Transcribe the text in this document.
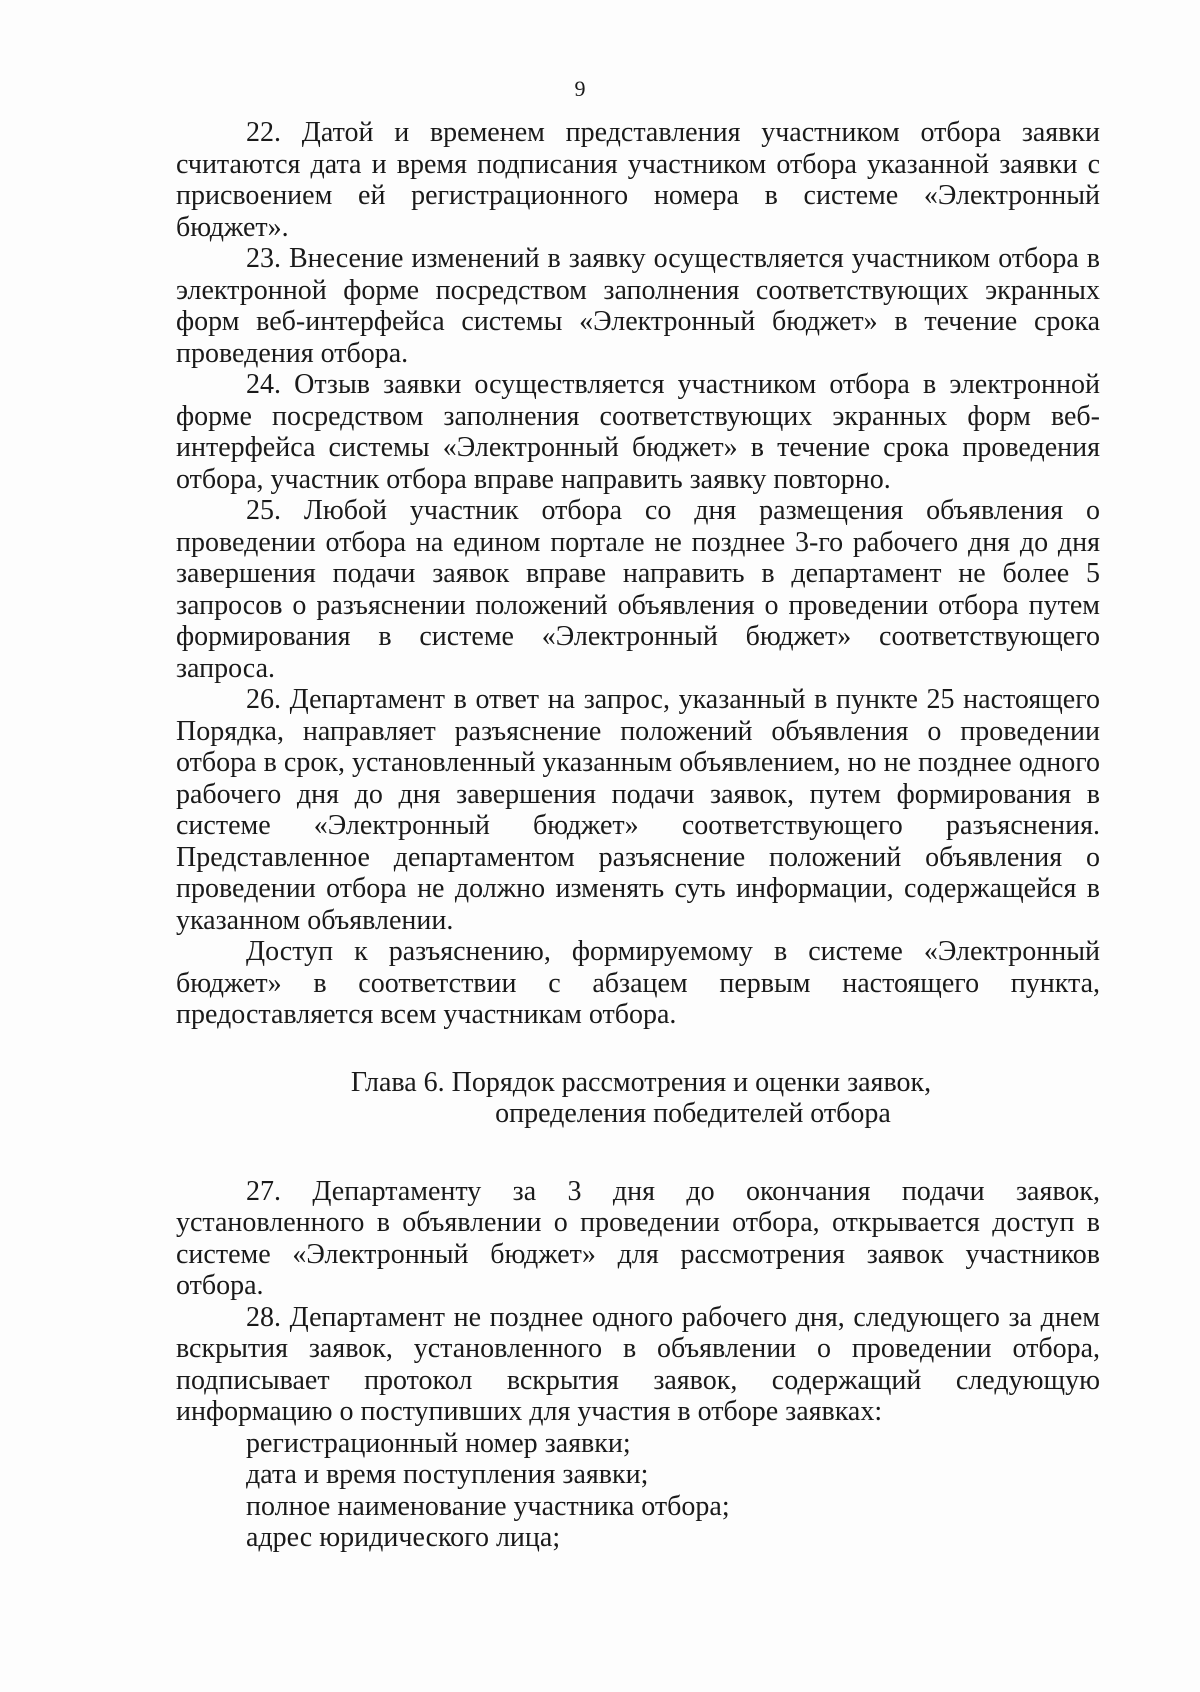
9

22. Датой и временем представления участником отбора заявки считаются дата и время подписания участником отбора указанной заявки с присвоением ей регистрационного номера в системе «Электронный бюджет».

23. Внесение изменений в заявку осуществляется участником отбора в электронной форме посредством заполнения соответствующих экранных форм веб-интерфейса системы «Электронный бюджет» в течение срока проведения отбора.

24. Отзыв заявки осуществляется участником отбора в электронной форме посредством заполнения соответствующих экранных форм веб-интерфейса системы «Электронный бюджет» в течение срока проведения отбора, участник отбора вправе направить заявку повторно.

25. Любой участник отбора со дня размещения объявления о проведении отбора на едином портале не позднее 3-го рабочего дня до дня завершения подачи заявок вправе направить в департамент не более 5 запросов о разъяснении положений объявления о проведении отбора путем формирования в системе «Электронный бюджет» соответствующего запроса.

26. Департамент в ответ на запрос, указанный в пункте 25 настоящего Порядка, направляет разъяснение положений объявления о проведении отбора в срок, установленный указанным объявлением, но не позднее одного рабочего дня до дня завершения подачи заявок, путем формирования в системе «Электронный бюджет» соответствующего разъяснения. Представленное департаментом разъяснение положений объявления о проведении отбора не должно изменять суть информации, содержащейся в указанном объявлении.

Доступ к разъяснению, формируемому в системе «Электронный бюджет» в соответствии с абзацем первым настоящего пункта, предоставляется всем участникам отбора.

Глава 6. Порядок рассмотрения и оценки заявок,
определения победителей отбора

27. Департаменту за 3 дня до окончания подачи заявок, установленного в объявлении о проведении отбора, открывается доступ в системе «Электронный бюджет» для рассмотрения заявок участников отбора.

28. Департамент не позднее одного рабочего дня, следующего за днем вскрытия заявок, установленного в объявлении о проведении отбора, подписывает протокол вскрытия заявок, содержащий следующую информацию о поступивших для участия в отборе заявках:

регистрационный номер заявки;

дата и время поступления заявки;

полное наименование участника отбора;

адрес юридического лица;
